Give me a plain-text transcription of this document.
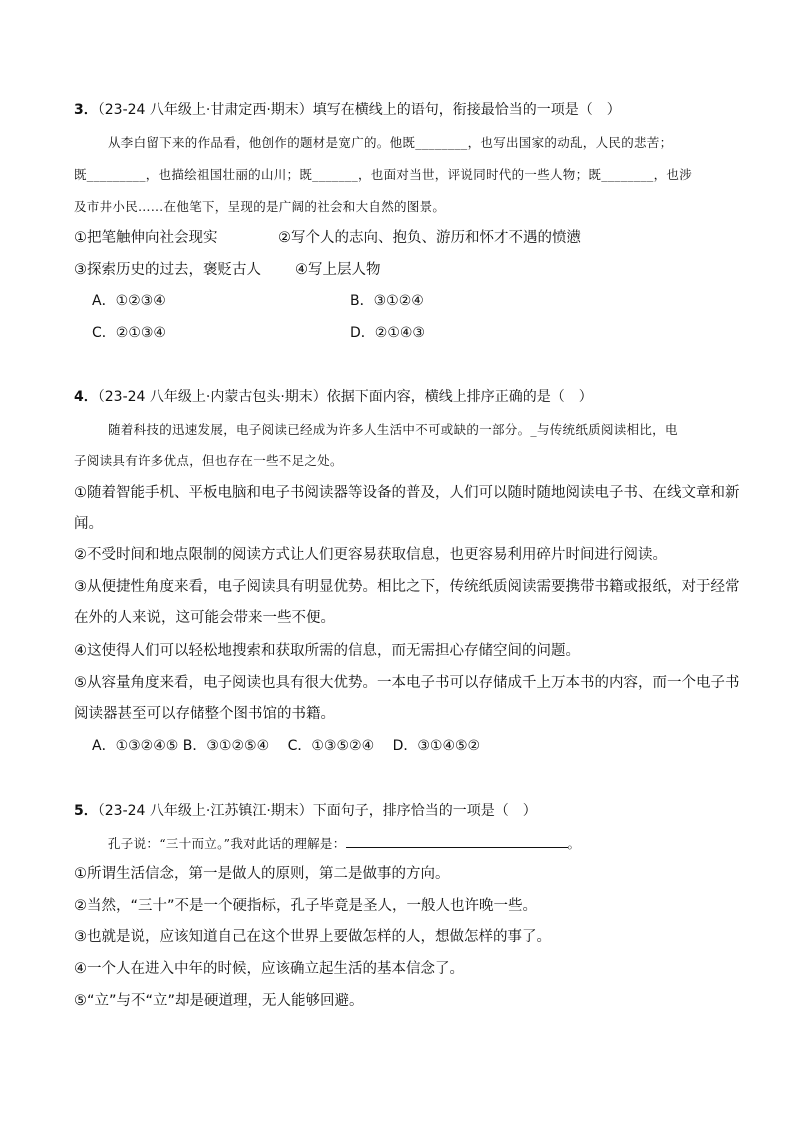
3．（23-24 八年级上·甘肃定西·期末）填写在横线上的语句，衔接最恰当的一项是（　）
从李白留下来的作品看，他创作的题材是宽广的。他既________，也写出国家的动乱，人民的悲苦；
既_________，也描绘祖国壮丽的山川；既_______，也面对当世，评说同时代的一些人物；既________，也涉
及市井小民……在他笔下，呈现的是广阔的社会和大自然的图景。
①把笔触伸向社会现实	②写个人的志向、抱负、游历和怀才不遇的愤懑
③探索历史的过去，褒贬古人 ④写上层人物
A．①②③④	B．③①②④
C．②①③④	D．②①④③
4．（23-24 八年级上·内蒙古包头·期末）依据下面内容，横线上排序正确的是（　）
随着科技的迅速发展，电子阅读已经成为许多人生活中不可或缺的一部分。_与传统纸质阅读相比，电
子阅读具有许多优点，但也存在一些不足之处。
①随着智能手机、平板电脑和电子书阅读器等设备的普及，人们可以随时随地阅读电子书、在线文章和新
闻。
②不受时间和地点限制的阅读方式让人们更容易获取信息，也更容易利用碎片时间进行阅读。
③从便捷性角度来看，电子阅读具有明显优势。相比之下，传统纸质阅读需要携带书籍或报纸，对于经常
在外的人来说，这可能会带来一些不便。
④这使得人们可以轻松地搜索和获取所需的信息，而无需担心存储空间的问题。
⑤从容量角度来看，电子阅读也具有很大优势。一本电子书可以存储成千上万本书的内容，而一个电子书
阅读器甚至可以存储整个图书馆的书籍。
A．①③②④⑤ B．③①②⑤④　 C．①③⑤②④　 D．③①④⑤②
5．（23-24 八年级上·江苏镇江·期末）下面句子，排序恰当的一项是（　）
孔子说：“三十而立。”我对此话的理解是：	。
①所谓生活信念，第一是做人的原则，第二是做事的方向。
②当然，“三十”不是一个硬指标，孔子毕竟是圣人，一般人也许晚一些。
③也就是说，应该知道自己在这个世界上要做怎样的人，想做怎样的事了。
④一个人在进入中年的时候，应该确立起生活的基本信念了。
⑤“立”与不“立”却是硬道理，无人能够回避。
